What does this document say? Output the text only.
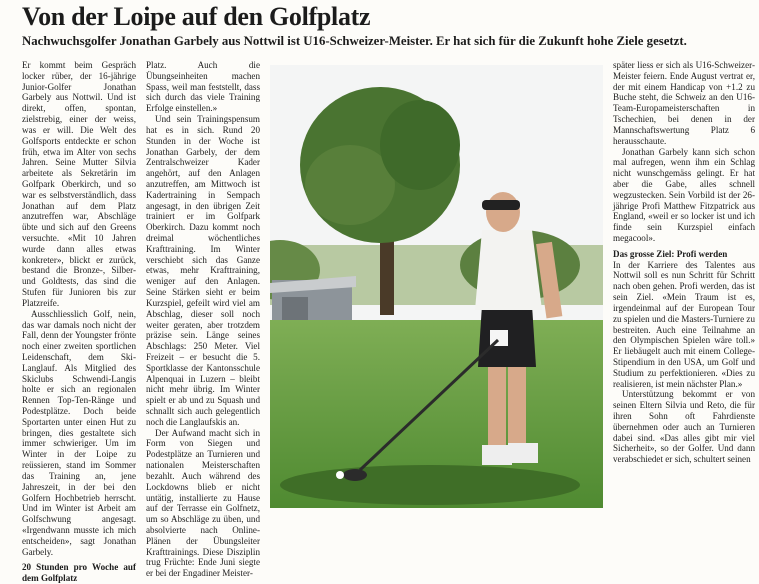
Von der Loipe auf den Golfplatz
Nachwuchsgolfer Jonathan Garbely aus Nottwil ist U16-Schweizer-Meister. Er hat sich für die Zukunft hohe Ziele gesetzt.

Er kommt beim Gespräch locker rüber, der 16-jährige Junior-Golfer Jonathan Garbely aus Nottwil. Und ist direkt, offen, spontan, zielstrebig, einer der weiss, was er will. Die Welt des Golfsports entdeckte er schon früh, etwa im Alter von sechs Jahren. Seine Mutter Silvia arbeitete als Sekretärin im Golfpark Oberkirch, und so war es selbstverständlich, dass Jonathan auf dem Platz anzutreffen war, Abschläge übte und sich auf den Greens versuchte. «Mit 10 Jahren wurde dann alles etwas konkreter», blickt er zurück, bestand die Bronze-, Silber- und Goldtests, das sind die Stufen für Junioren bis zur Platzreife.

Ausschliesslich Golf, nein, das war damals noch nicht der Fall, denn der Youngster frönte noch einer zweiten sportlichen Leidenschaft, dem Ski-Langlauf. Als Mitglied des Skiclubs Schwendi-Langis holte er sich an regionalen Rennen Top-Ten-Ränge und Podestplätze. Doch beide Sportarten unter einen Hut zu bringen, dies gestaltete sich immer schwieriger. Um im Winter in der Loipe zu reüssieren, stand im Sommer das Training an, jene Jahreszeit, in der bei den Golfern Hochbetrieb herrscht. Und im Winter ist Arbeit am Golfschwung angesagt. «Irgendwann musste ich mich entscheiden», sagt Jonathan Garbely.

20 Stunden pro Woche auf dem Golfplatz

Platz. Auch die Übungseinheiten machen Spass, weil man feststellt, dass sich durch das viele Training Erfolge einstellen.»

Und sein Trainingspensum hat es in sich. Rund 20 Stunden in der Woche ist Jonathan Garbely, der dem Zentralschweizer Kader angehört, auf den Anlagen anzutreffen, am Mittwoch ist Kadertraining in Sempach angesagt, in den übrigen Zeit trainiert er im Golfpark Oberkirch. Dazu kommt noch dreimal wöchentliches Krafttraining. Im Winter verschiebt sich das Ganze etwas, mehr Krafttraining, weniger auf den Anlagen. Seine Stärken sieht er beim Kurzspiel, gefeilt wird viel am Abschlag, dieser soll noch weiter geraten, aber trotzdem präzise sein. Länge seines Abschlags: 250 Meter. Viel Freizeit – er besucht die 5. Sportklasse der Kantonsschule Alpenquai in Luzern – bleibt nicht mehr übrig. Im Winter spielt er ab und zu Squash und schnallt sich auch gelegentlich noch die Langlaufskis an.

Der Aufwand macht sich in Form von Siegen und Podestplätze an Turnieren und nationalen Meisterschaften bezahlt. Auch während des Lockdowns blieb er nicht untätig, installierte zu Hause auf der Terrasse ein Golfnetz, um so Abschläge zu üben, und absolvierte nach Online-Plänen der Übungsleiter Krafttrainings. Diese Disziplin trug Früchte: Ende Juni siegte er bei der Engadiner Meister-

später liess er sich als U16-Schweizer-Meister feiern. Ende August vertrat er, der mit einem Handicap von +1.2 zu Buche steht, die Schweiz an den U16-Team-Europameisterschaften in Tschechien, bei denen in der Mannschaftswertung Platz 6 herausschaute.

Jonathan Garbely kann sich schon mal aufregen, wenn ihm ein Schlag nicht wunschgemäss gelingt. Er hat aber die Gabe, alles schnell wegzustecken. Sein Vorbild ist der 26-jährige Profi Matthew Fitzpatrick aus England, «weil er so locker ist und ich finde sein Kurzspiel einfach megacool».

Das grosse Ziel: Profi werden

In der Karriere des Talentes aus Nottwil soll es nun Schritt für Schritt nach oben gehen. Profi werden, das ist sein Ziel. «Mein Traum ist es, irgendeinmal auf der European Tour zu spielen und die Masters-Turniere zu bestreiten. Auch eine Teilnahme an den Olympischen Spielen wäre toll.» Er liebäugelt auch mit einem College-Stipendium in den USA, um Golf und Studium zu perfektionieren. «Dies zu realisieren, ist mein nächster Plan.»

Unterstützung bekommt er von seinen Eltern Silvia und Reto, die für ihren Sohn oft Fahrdienste übernehmen oder auch an Turnieren dabei sind. «Das alles gibt mir viel Sicherheit», so der Golfer. Und dann verabschiedet er sich, schultert seinen
